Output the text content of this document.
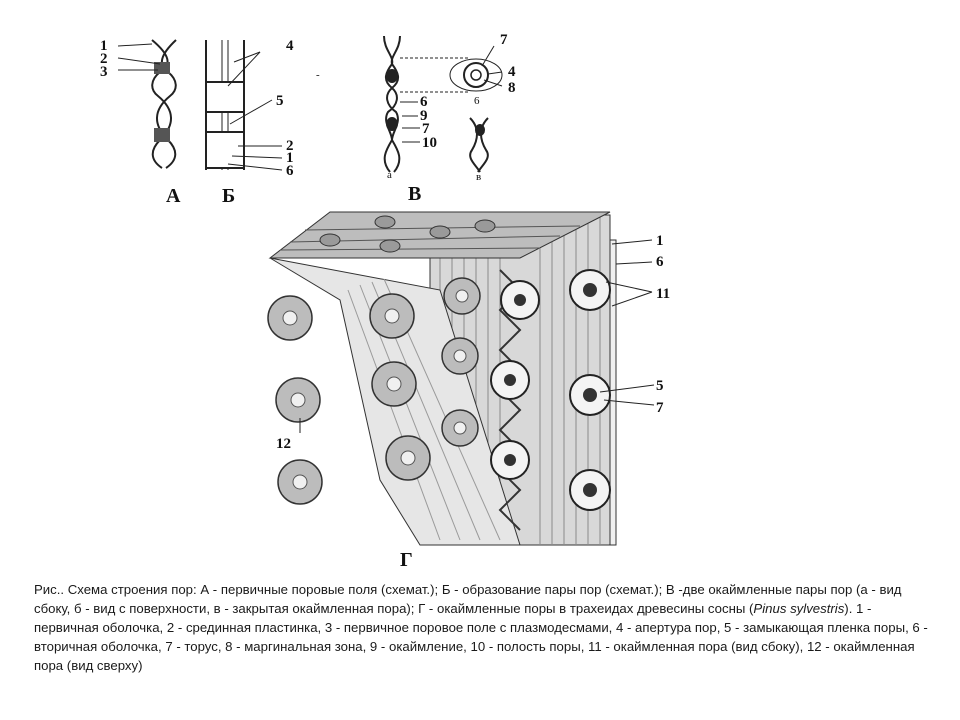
1
2
3
А
4
5
2
1
6
Б
-
7
4
8
6
9
7
10
6
а	в
В
1
6
11
5
7
12
Г
Рис.. Схема строения пор: А - первичные поровые поля (схемат.); Б - образование пары пор (схемат.); В -две окаймленные пары пор (а - вид сбоку, б - вид с поверхности, в - закрытая окаймленная пора); Г - окаймленные поры в трахеидах древесины сосны (Pinus sylvestris). 1 - первичная оболочка, 2 - срединная пластинка, 3 - первичное поровое поле с плазмодесмами, 4 - апертура пор, 5 - замыкающая пленка поры, 6 - вторичная оболочка, 7 - торус, 8 - маргинальная зона, 9 - окаймление, 10 - полость поры, 11 - окаймленная пора (вид сбоку), 12 - окаймленная пора (вид сверху)
